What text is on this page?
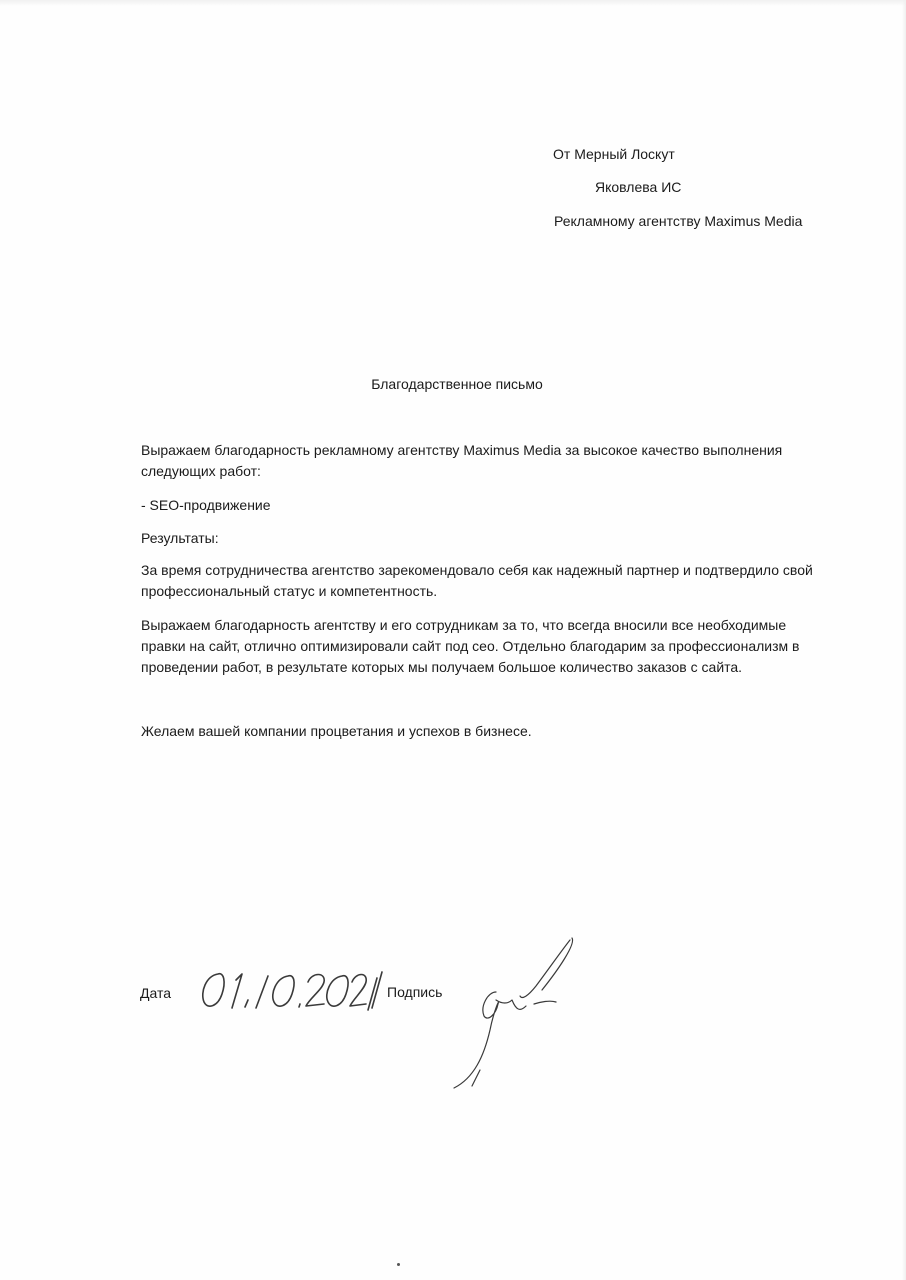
От Мерный Лоскут
Яковлева ИС
Рекламному агентству Maximus Media
Благодарственное письмо

Выражаем благодарность рекламному агентству Maximus Media за высокое качество выполнения следующих работ:

- SEO-продвижение

Результаты:

За время сотрудничества агентство зарекомендовало себя как надежный партнер и подтвердило свой профессиональный статус и компетентность.

Выражаем благодарность агентству и его сотрудникам за то, что всегда вносили все необходимые правки на сайт, отлично оптимизировали сайт под сео. Отдельно благодарим за профессионализм в проведении работ, в результате которых мы получаем большое количество заказов с сайта.

Желаем вашей компании процветания и успехов в бизнесе.

Дата	Подпись
